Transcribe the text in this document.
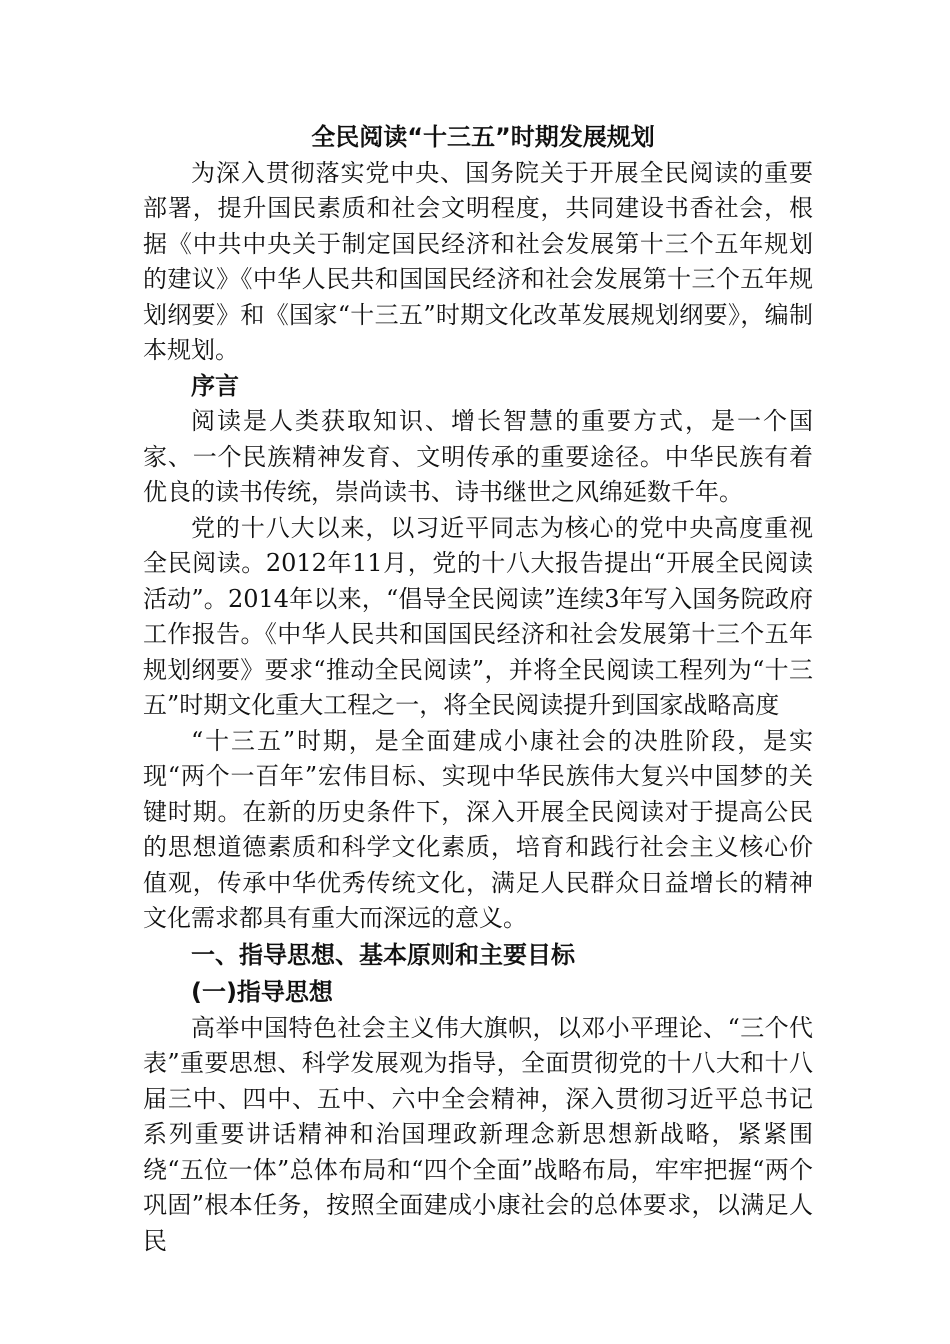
全民阅读“十三五”时期发展规划

为深入贯彻落实党中央、国务院关于开展全民阅读的重要部署，提升国民素质和社会文明程度，共同建设书香社会，根据《中共中央关于制定国民经济和社会发展第十三个五年规划的建议》《中华人民共和国国民经济和社会发展第十三个五年规划纲要》和《国家“十三五”时期文化改革发展规划纲要》，编制本规划。

序言

阅读是人类获取知识、增长智慧的重要方式，是一个国家、一个民族精神发育、文明传承的重要途径。中华民族有着优良的读书传统，崇尚读书、诗书继世之风绵延数千年。

党的十八大以来，以习近平同志为核心的党中央高度重视全民阅读。2012年11月，党的十八大报告提出“开展全民阅读活动”。2014年以来，“倡导全民阅读”连续3年写入国务院政府工作报告。《中华人民共和国国民经济和社会发展第十三个五年规划纲要》要求“推动全民阅读”，并将全民阅读工程列为“十三五”时期文化重大工程之一，将全民阅读提升到国家战略高度

“十三五”时期，是全面建成小康社会的决胜阶段，是实现“两个一百年”宏伟目标、实现中华民族伟大复兴中国梦的关键时期。在新的历史条件下，深入开展全民阅读对于提高公民的思想道德素质和科学文化素质，培育和践行社会主义核心价值观，传承中华优秀传统文化，满足人民群众日益增长的精神文化需求都具有重大而深远的意义。

一、指导思想、基本原则和主要目标

(一)指导思想

高举中国特色社会主义伟大旗帜，以邓小平理论、“三个代表”重要思想、科学发展观为指导，全面贯彻党的十八大和十八届三中、四中、五中、六中全会精神，深入贯彻习近平总书记系列重要讲话精神和治国理政新理念新思想新战略，紧紧围绕“五位一体”总体布局和“四个全面”战略布局，牢牢把握“两个巩固”根本任务，按照全面建成小康社会的总体要求，以满足人民
